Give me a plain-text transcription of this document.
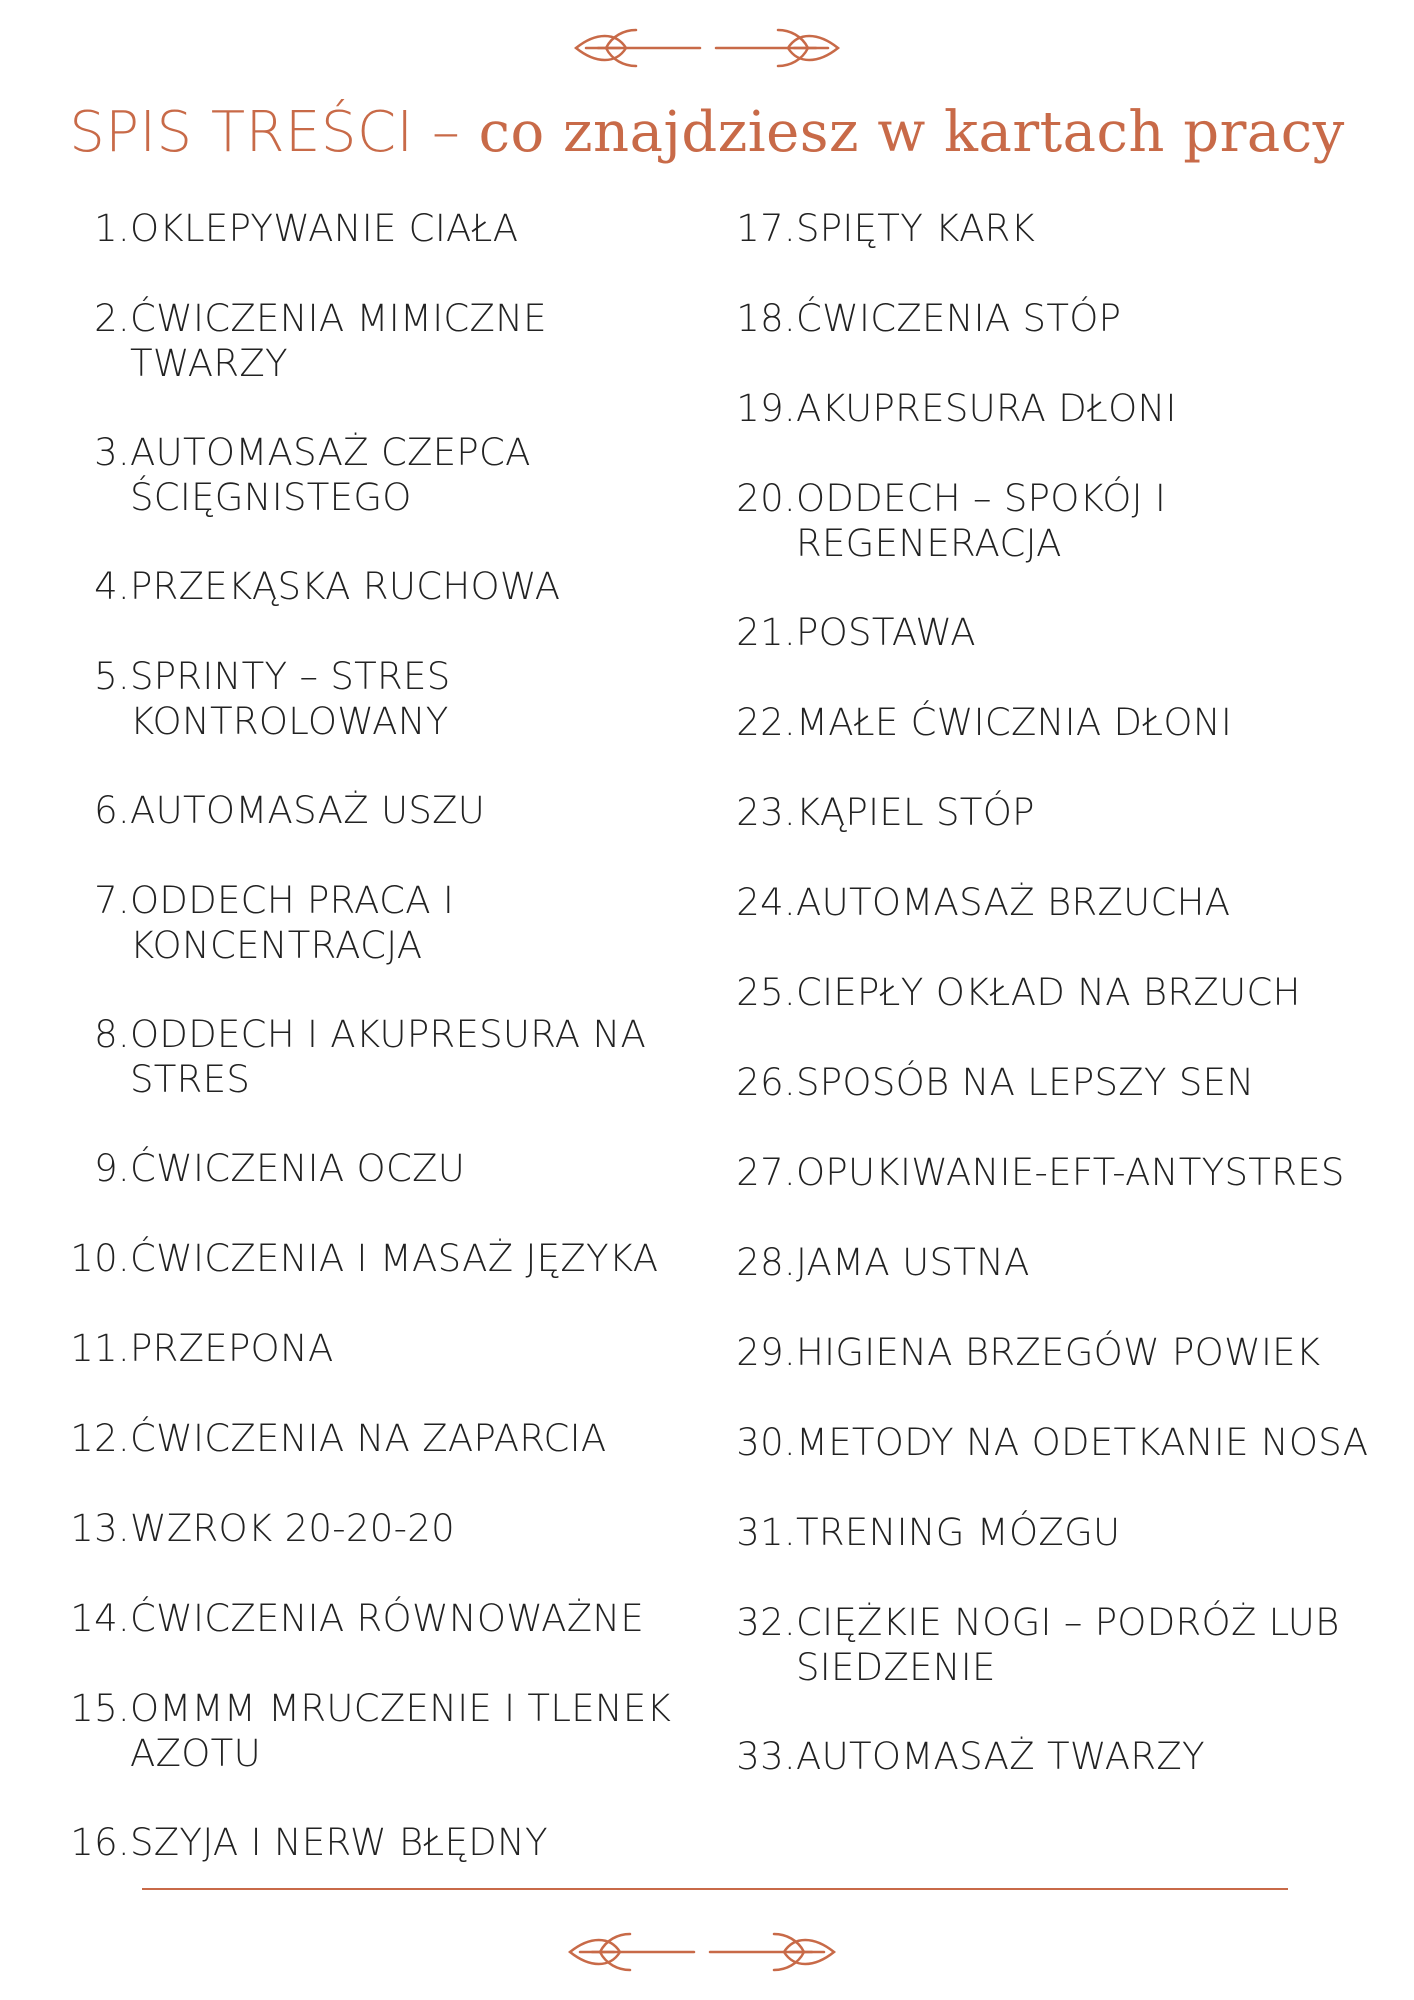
SPIS TREŚCI – co znajdziesz w kartach pracy
1. OKLEPYWANIE CIAŁA
2. ĆWICZENIA MIMICZNE TWARZY
3. AUTOMASAŻ CZEPCA ŚCIĘGNISTEGO
4. PRZEKĄSKA RUCHOWA
5. SPRINTY – STRES KONTROLOWANY
6. AUTOMASAŻ USZU
7. ODDECH PRACA I KONCENTRACJA
8. ODDECH I AKUPRESURA NA STRES
9. ĆWICZENIA OCZU
10. ĆWICZENIA I MASAŻ JĘZYKA
11. PRZEPONA
12. ĆWICZENIA NA ZAPARCIA
13. WZROK 20-20-20
14. ĆWICZENIA RÓWNOWAŻNE
15. OMMM MRUCZENIE I TLENEK AZOTU
16. SZYJA I NERW BŁĘDNY
17. SPIĘTY KARK
18. ĆWICZENIA STÓP
19. AKUPRESURA DŁONI
20. ODDECH – SPOKÓJ I REGENERACJA
21. POSTAWA
22. MAŁE ĆWICZNIA DŁONI
23. KĄPIEL STÓP
24. AUTOMASAŻ BRZUCHA
25. CIEPŁY OKŁAD NA BRZUCH
26. SPOSÓB NA LEPSZY SEN
27. OPUKIWANIE-EFT-ANTYSTRES
28. JAMA USTNA
29. HIGIENA BRZEGÓW POWIEK
30. METODY NA ODETKANIE NOSA
31. TRENING MÓZGU
32. CIĘŻKIE NOGI – PODRÓŻ LUB SIEDZENIE
33. AUTOMASAŻ TWARZY
